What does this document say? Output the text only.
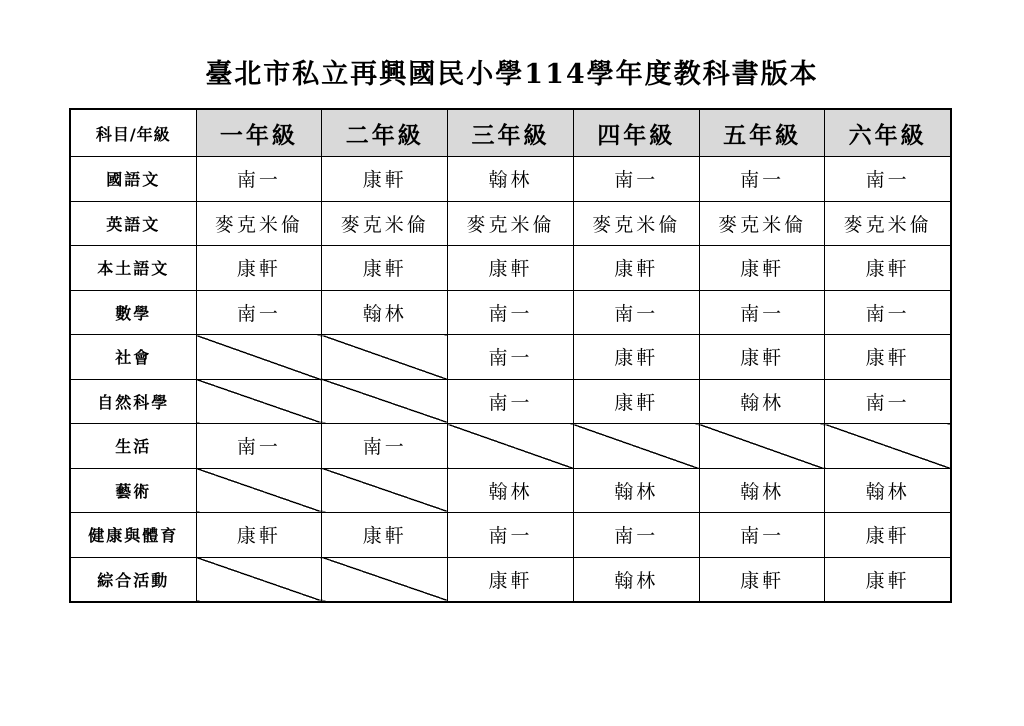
臺北市私立再興國民小學114學年度教科書版本
科目/年級	一年級	二年級	三年級	四年級	五年級	六年級
國語文	南一	康軒	翰林	南一	南一	南一
英語文	麥克米倫	麥克米倫	麥克米倫	麥克米倫	麥克米倫	麥克米倫
本土語文	康軒	康軒	康軒	康軒	康軒	康軒
數學	南一	翰林	南一	南一	南一	南一
社會			南一	康軒	康軒	康軒
自然科學			南一	康軒	翰林	南一
生活	南一	南一				
藝術			翰林	翰林	翰林	翰林
健康與體育	康軒	康軒	南一	南一	南一	康軒
綜合活動			康軒	翰林	康軒	康軒
